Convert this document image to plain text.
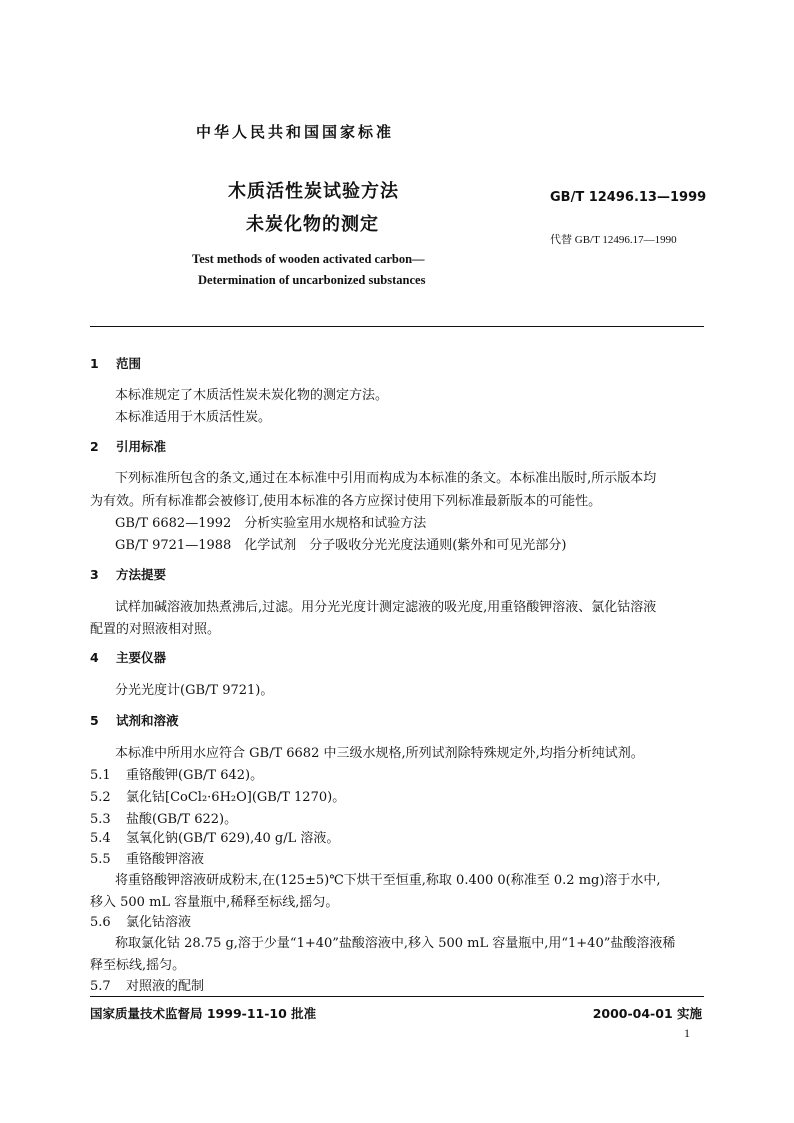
中华人民共和国国家标准
木质活性炭试验方法
未炭化物的测定
GB/T 12496.13—1999
代替 GB/T 12496.17—1990
Test methods of wooden activated carbon—
Determination of uncarbonized substances
1 范围
本标准规定了木质活性炭未炭化物的测定方法。
本标准适用于木质活性炭。
2 引用标准
下列标准所包含的条文,通过在本标准中引用而构成为本标准的条文。本标准出版时,所示版本均
为有效。所有标准都会被修订,使用本标准的各方应探讨使用下列标准最新版本的可能性。
GB/T 6682—1992　分析实验室用水规格和试验方法
GB/T 9721—1988　化学试剂　分子吸收分光光度法通则(紫外和可见光部分)
3 方法提要
试样加碱溶液加热煮沸后,过滤。用分光光度计测定滤液的吸光度,用重铬酸钾溶液、氯化钴溶液
配置的对照液相对照。
4 主要仪器
分光光度计(GB/T 9721)。
5 试剂和溶液
本标准中所用水应符合 GB/T 6682 中三级水规格,所列试剂除特殊规定外,均指分析纯试剂。
5.1 重铬酸钾(GB/T 642)。
5.2 氯化钴[CoCl₂·6H₂O](GB/T 1270)。
5.3 盐酸(GB/T 622)。
5.4 氢氧化钠(GB/T 629),40 g/L 溶液。
5.5 重铬酸钾溶液
将重铬酸钾溶液研成粉末,在(125±5)℃下烘干至恒重,称取 0.400 0(称准至 0.2 mg)溶于水中,
移入 500 mL 容量瓶中,稀释至标线,摇匀。
5.6 氯化钴溶液
称取氯化钴 28.75 g,溶于少量“1+40”盐酸溶液中,移入 500 mL 容量瓶中,用“1+40”盐酸溶液稀
释至标线,摇匀。
5.7 对照液的配制
国家质量技术监督局 1999-11-10 批准	2000-04-01 实施
1
